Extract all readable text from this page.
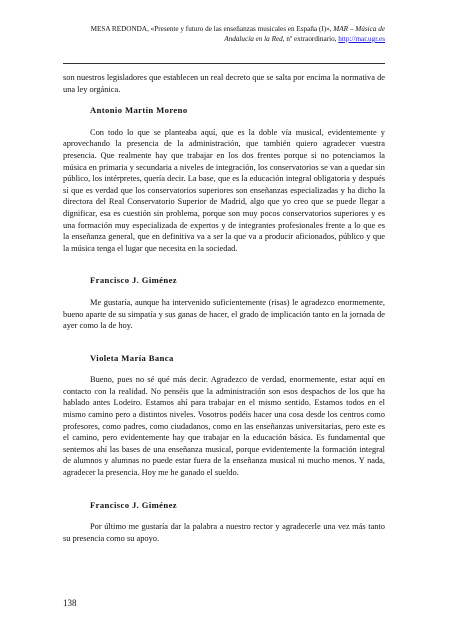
MESA REDONDA, «Presente y futuro de las enseñanzas musicales en España (I)», MAR – Música de Andalucía en la Red, nº extraordinario, http://mar.ugr.es

son nuestros legisladores que establecen un real decreto que se salta por encima la normativa de una ley orgánica.

Antonio Martín Moreno

Con todo lo que se planteaba aquí, que es la doble vía musical, evidentemente y aprovechando la presencia de la administración, que también quiero agradecer vuestra presencia. Que realmente hay que trabajar en los dos frentes porque si no potenciamos la música en primaria y secundaria a niveles de integración, los conservatorios se van a quedar sin público, los intérpretes, quería decir. La base, que es la educación integral obligatoria y después sí que es verdad que los conservatorios superiores son enseñanzas especializadas y ha dicho la directora del Real Conservatorio Superior de Madrid, algo que yo creo que se puede llegar a dignificar, esa es cuestión sin problema, porque son muy pocos conservatorios superiores y es una formación muy especializada de expertos y de integrantes profesionales frente a lo que es la enseñanza general, que en definitiva va a ser la que va a producir aficionados, público y que la música tenga el lugar que necesita en la sociedad.

Francisco J. Giménez

Me gustaría, aunque ha intervenido suficientemente (risas) le agradezco enormemente, bueno aparte de su simpatía y sus ganas de hacer, el grado de implicación tanto en la jornada de ayer como la de hoy.

Violeta María Banca

Bueno, pues no sé qué más decir. Agradezco de verdad, enormemente, estar aquí en contacto con la realidad. No penséis que la administración son esos despachos de los que ha hablado antes Lodeiro. Estamos ahí para trabajar en el mismo sentido. Estamos todos en el mismo camino pero a distintos niveles. Vosotros podéis hacer una cosa desde los centros como profesores, como padres, como ciudadanos, como en las enseñanzas universitarias, pero este es el camino, pero evidentemente hay que trabajar en la educación básica. Es fundamental que sentemos ahí las bases de una enseñanza musical, porque evidentemente la formación integral de alumnos y alumnas no puede estar fuera de la enseñanza musical ni mucho menos. Y nada, agradecer la presencia. Hoy me he ganado el sueldo.

Francisco J. Giménez

Por último me gustaría dar la palabra a nuestro rector y agradecerle una vez más tanto su presencia como su apoyo.

138
